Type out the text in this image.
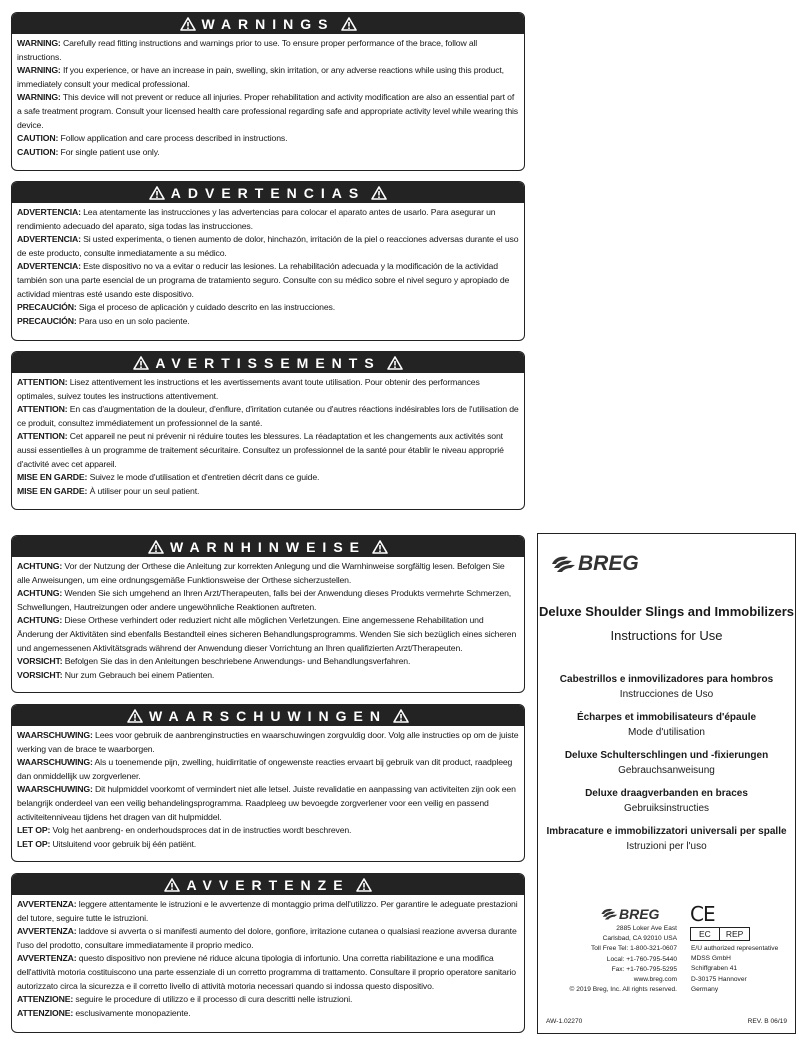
WARNINGS

WARNING: Carefully read fitting instructions and warnings prior to use. To ensure proper performance of the brace, follow all instructions.

WARNING: If you experience, or have an increase in pain, swelling, skin irritation, or any adverse reactions while using this product, immediately consult your medical professional.

WARNING: This device will not prevent or reduce all injuries. Proper rehabilitation and activity modification are also an essential part of a safe treatment program. Consult your licensed health care professional regarding safe and appropriate activity level while wearing this device.

CAUTION: Follow application and care process described in instructions.

CAUTION: For single patient use only.

ADVERTENCIAS

ADVERTENCIA: Lea atentamente las instrucciones y las advertencias para colocar el aparato antes de usarlo. Para asegurar un rendimiento adecuado del aparato, siga todas las instrucciones.

ADVERTENCIA: Si usted experimenta, o tienen aumento de dolor, hinchazón, irritación de la piel o reacciones adversas durante el uso de este producto, consulte inmediatamente a su médico.

ADVERTENCIA: Este dispositivo no va a evitar o reducir las lesiones. La rehabilitación adecuada y la modificación de la actividad también son una parte esencial de un programa de tratamiento seguro. Consulte con su médico sobre el nivel seguro y apropiado de actividad mientras esté usando este dispositivo.

PRECAUCIÓN: Siga el proceso de aplicación y cuidado descrito en las instrucciones.

PRECAUCIÓN: Para uso en un solo paciente.

AVERTISSEMENTS

ATTENTION: Lisez attentivement les instructions et les avertissements avant toute utilisation. Pour obtenir des performances optimales, suivez toutes les instructions attentivement.

ATTENTION: En cas d'augmentation de la douleur, d'enflure, d'irritation cutanée ou d'autres réactions indésirables lors de l'utilisation de ce produit, consultez immédiatement un professionnel de la santé.

ATTENTION: Cet appareil ne peut ni prévenir ni réduire toutes les blessures. La réadaptation et les changements aux activités sont aussi essentielles à un programme de traitement sécuritaire. Consultez un professionnel de la santé pour établir le niveau approprié d'activité avec cet appareil.

MISE EN GARDE: Suivez le mode d'utilisation et d'entretien décrit dans ce guide.

MISE EN GARDE: À utiliser pour un seul patient.

WARNHINWEISE

ACHTUNG: Vor der Nutzung der Orthese die Anleitung zur korrekten Anlegung und die Warnhinweise sorgfältig lesen. Befolgen Sie alle Anweisungen, um eine ordnungsgemäße Funktionsweise der Orthese sicherzustellen.

ACHTUNG: Wenden Sie sich umgehend an Ihren Arzt/Therapeuten, falls bei der Anwendung dieses Produkts vermehrte Schmerzen, Schwellungen, Hautreizungen oder andere ungewöhnliche Reaktionen auftreten.

ACHTUNG: Diese Orthese verhindert oder reduziert nicht alle möglichen Verletzungen. Eine angemessene Rehabilitation und Änderung der Aktivitäten sind ebenfalls Bestandteil eines sicheren Behandlungsprogramms. Wenden Sie sich bezüglich eines sicheren und angemessenen Aktivitätsgrads während der Anwendung dieser Vorrichtung an Ihren qualifizierten Arzt/Therapeuten.

VORSICHT: Befolgen Sie das in den Anleitungen beschriebene Anwendungs- und Behandlungsverfahren.

VORSICHT: Nur zum Gebrauch bei einem Patienten.

WAARSCHUWINGEN

WAARSCHUWING: Lees voor gebruik de aanbrenginstructies en waarschuwingen zorgvuldig door. Volg alle instructies op om de juiste werking van de brace te waarborgen.

WAARSCHUWING: Als u toenemende pijn, zwelling, huidirritatie of ongewenste reacties ervaart bij gebruik van dit product, raadpleeg dan onmiddellijk uw zorgverlener.

WAARSCHUWING: Dit hulpmiddel voorkomt of vermindert niet alle letsel. Juiste revalidatie en aanpassing van activiteiten zijn ook een belangrijk onderdeel van een veilig behandelingsprogramma. Raadpleeg uw bevoegde zorgverlener voor een veilig en passend activiteitenniveau tijdens het dragen van dit hulpmiddel.

LET OP: Volg het aanbreng- en onderhoudsproces dat in de instructies wordt beschreven.

LET OP: Uitsluitend voor gebruik bij één patiënt.

AVVERTENZE

AVVERTENZA: leggere attentamente le istruzioni e le avvertenze di montaggio prima dell'utilizzo. Per garantire le adeguate prestazioni del tutore, seguire tutte le istruzioni.

AVVERTENZA: laddove si avverta o si manifesti aumento del dolore, gonfiore, irritazione cutanea o qualsiasi reazione avversa durante l'uso del prodotto, consultare immediatamente il proprio medico.

AVVERTENZA: questo dispositivo non previene né riduce alcuna tipologia di infortunio. Una corretta riabilitazione e una modifica dell'attività motoria costituiscono una parte essenziale di un corretto programma di trattamento. Consultare il proprio operatore sanitario autorizzato circa la sicurezza e il corretto livello di attività motoria necessari quando si indossa questo dispositivo.

ATTENZIONE: seguire le procedure di utilizzo e il processo di cura descritti nelle istruzioni.

ATTENZIONE: esclusivamente monopaziente.

BREG
Deluxe Shoulder Slings and Immobilizers
Instructions for Use
Cabestrillos e inmovilizadores para hombros
Instrucciones de Uso
Écharpes et immobilisateurs d'épaule
Mode d'utilisation
Deluxe Schulterschlingen und -fixierungen
Gebrauchsanweisung
Deluxe draagverbanden en braces
Gebruiksinstructies
Imbracature e immobilizzatori universali per spalle
Istruzioni per l'uso
BREG
2885 Loker Ave East
Carlsbad, CA 92010 USA
Toll Free Tel: 1-800-321-0607
Local: +1-760-795-5440
Fax: +1-760-795-5295
www.breg.com
© 2019 Breg, Inc. All rights reserved.
CE
EC	REP
E/U authorized representative
MDSS GmbH
Schiffgraben 41
D-30175 Hannover
Germany
AW-1.02270	REV. B 06/19
